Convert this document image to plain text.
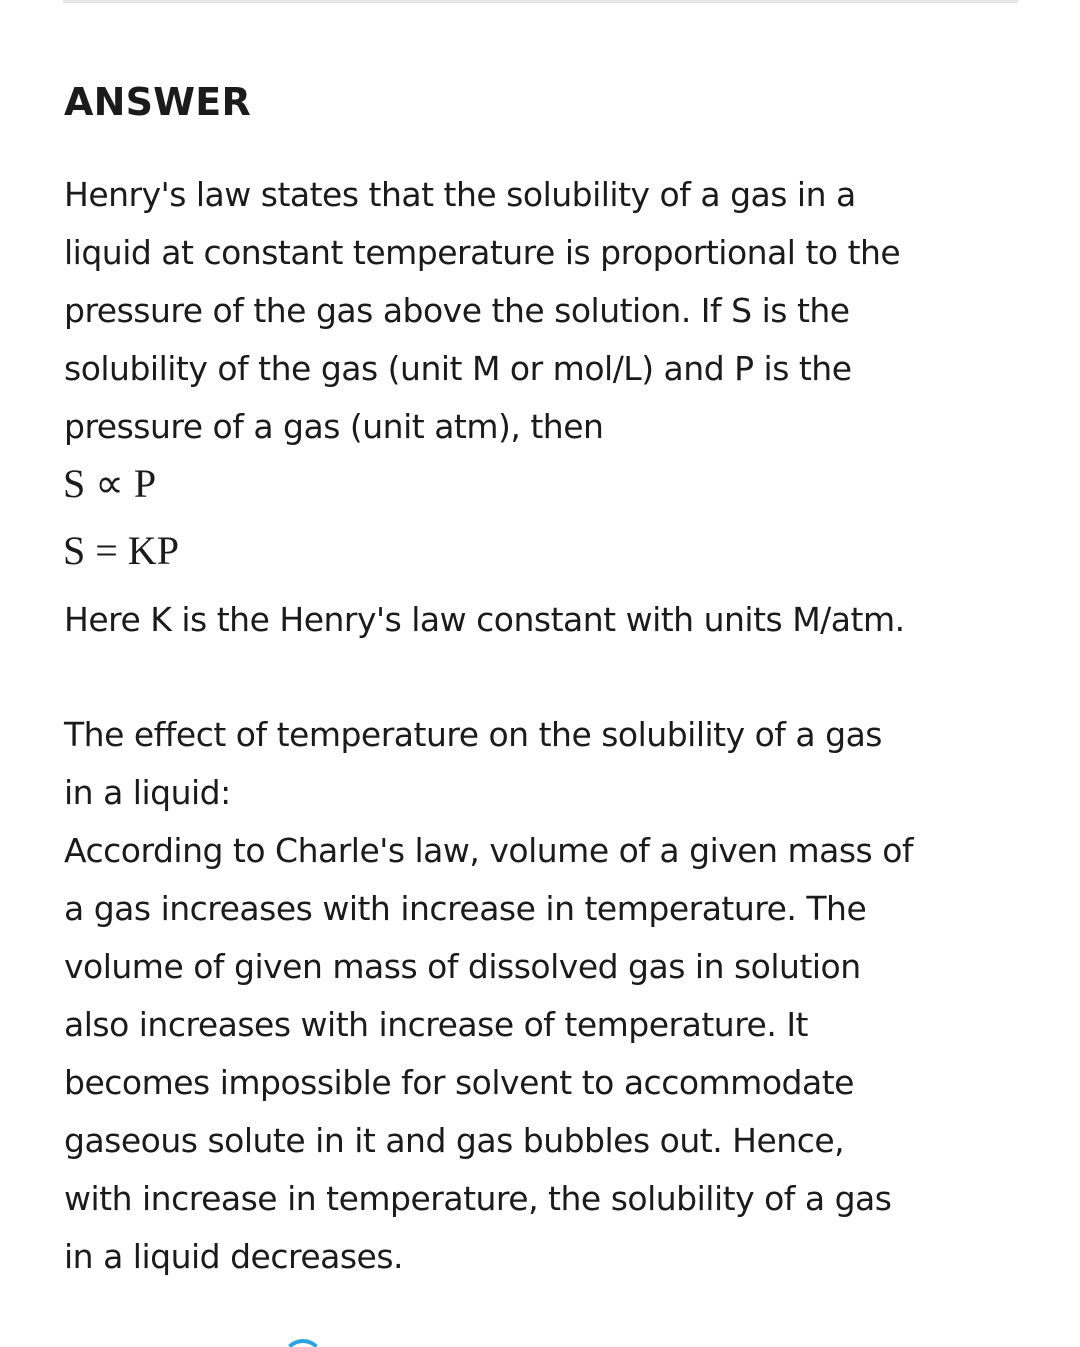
ANSWER

Henry's law states that the solubility of a gas in a
liquid at constant temperature is proportional to the
pressure of the gas above the solution. If S is the
solubility of the gas (unit M or mol/L) and P is the
pressure of a gas (unit atm), then

S ∝ P
S = KP

Here K is the Henry's law constant with units M/atm.

The effect of temperature on the solubility of a gas
in a liquid:
According to Charle's law, volume of a given mass of
a gas increases with increase in temperature. The
volume of given mass of dissolved gas in solution
also increases with increase of temperature. It
becomes impossible for solvent to accommodate
gaseous solute in it and gas bubbles out. Hence,
with increase in temperature, the solubility of a gas
in a liquid decreases.
